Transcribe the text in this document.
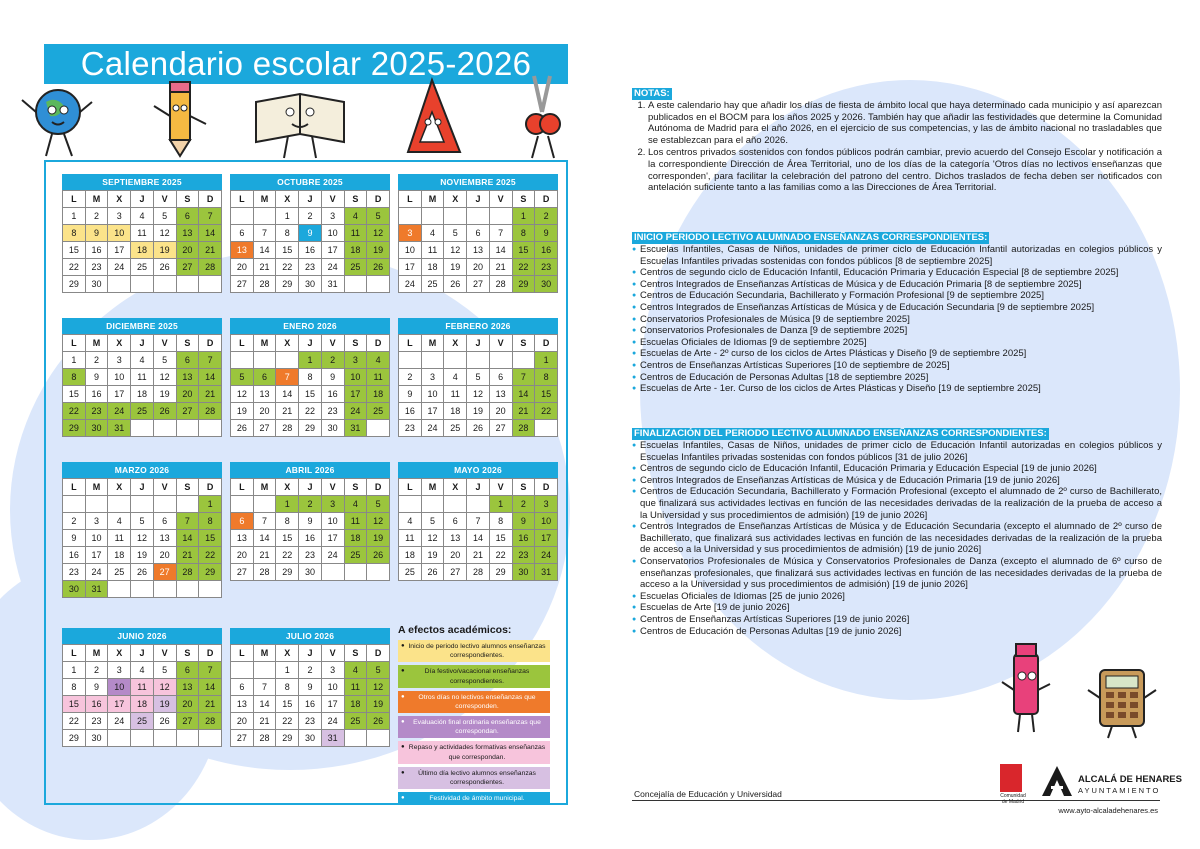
Calendario escolar 2025-2026
SEPTIEMBRE 2025
L	M	X	J	V	S	D
1	2	3	4	5	6	7
8	9	10	11	12	13	14
15	16	17	18	19	20	21
22	23	24	25	26	27	28
29	30					
OCTUBRE 2025
L	M	X	J	V	S	D
		1	2	3	4	5
6	7	8	9	10	11	12
13	14	15	16	17	18	19
20	21	22	23	24	25	26
27	28	29	30	31		
NOVIEMBRE 2025
L	M	X	J	V	S	D
					1	2
3	4	5	6	7	8	9
10	11	12	13	14	15	16
17	18	19	20	21	22	23
24	25	26	27	28	29	30
DICIEMBRE 2025
L	M	X	J	V	S	D
1	2	3	4	5	6	7
8	9	10	11	12	13	14
15	16	17	18	19	20	21
22	23	24	25	26	27	28
29	30	31				
ENERO 2026
L	M	X	J	V	S	D
			1	2	3	4
5	6	7	8	9	10	11
12	13	14	15	16	17	18
19	20	21	22	23	24	25
26	27	28	29	30	31	
FEBRERO 2026
L	M	X	J	V	S	D
						1
2	3	4	5	6	7	8
9	10	11	12	13	14	15
16	17	18	19	20	21	22
23	24	25	26	27	28	
MARZO 2026
L	M	X	J	V	S	D
						1
2	3	4	5	6	7	8
9	10	11	12	13	14	15
16	17	18	19	20	21	22
23	24	25	26	27	28	29
30	31					
ABRIL 2026
L	M	X	J	V	S	D
		1	2	3	4	5
6	7	8	9	10	11	12
13	14	15	16	17	18	19
20	21	22	23	24	25	26
27	28	29	30			
MAYO 2026
L	M	X	J	V	S	D
				1	2	3
4	5	6	7	8	9	10
11	12	13	14	15	16	17
18	19	20	21	22	23	24
25	26	27	28	29	30	31
JUNIO 2026
L	M	X	J	V	S	D
1	2	3	4	5	6	7
8	9	10	11	12	13	14
15	16	17	18	19	20	21
22	23	24	25	26	27	28
29	30					
JULIO 2026
L	M	X	J	V	S	D
		1	2	3	4	5
6	7	8	9	10	11	12
13	14	15	16	17	18	19
20	21	22	23	24	25	26
27	28	29	30	31		
A efectos académicos:
● Inicio de periodo lectivo alumnos enseñanzas correspondientes.
● Día festivo/vacacional enseñanzas correspondientes.
● Otros días no lectivos enseñanzas que corresponden.
● Evaluación final ordinaria enseñanzas que correspondan.
● Repaso y actividades formativas enseñanzas que correspondan.
● Último día lectivo alumnos enseñanzas correspondientes.
● Festividad de ámbito municipal.
NOTAS:
1. A este calendario hay que añadir los días de fiesta de ámbito local que haya determinado cada municipio y así aparezcan publicados en el BOCM para los años 2025 y 2026. También hay que añadir las festividades que determine la Comunidad Autónoma de Madrid para el año 2026, en el ejercicio de sus competencias, y las de ámbito nacional no trasladables que se establezcan para el año 2026.
2. Los centros privados sostenidos con fondos públicos podrán cambiar, previo acuerdo del Consejo Escolar y notificación a la correspondiente Dirección de Área Territorial, uno de los días de la categoría 'Otros días no lectivos enseñanzas que corresponden', para facilitar la celebración del patrono del centro. Dichos traslados de fecha deben ser notificados con antelación suficiente tanto a las familias como a las Direcciones de Área Territorial.
INICIO PERIODO LECTIVO ALUMNADO ENSEÑANZAS CORRESPONDIENTES:
● Escuelas Infantiles, Casas de Niños, unidades de primer ciclo de Educación Infantil autorizadas en colegios públicos y Escuelas Infantiles privadas sostenidas con fondos públicos [8 de septiembre 2025]
● Centros de segundo ciclo de Educación Infantil, Educación Primaria y Educación Especial [8 de septiembre 2025]
● Centros Integrados de Enseñanzas Artísticas de Música y de Educación Primaria [8 de septiembre 2025]
● Centros de Educación Secundaria, Bachillerato y Formación Profesional [9 de septiembre 2025]
● Centros Integrados de Enseñanzas Artísticas de Música y de Educación Secundaria [9 de septiembre 2025]
● Conservatorios Profesionales de Música [9 de septiembre 2025]
● Conservatorios Profesionales de Danza [9 de septiembre 2025]
● Escuelas Oficiales de Idiomas [9 de septiembre 2025]
● Escuelas de Arte - 2º curso de los ciclos de Artes Plásticas y Diseño [9 de septiembre 2025]
● Centros de Enseñanzas Artísticas Superiores [10 de septiembre de 2025]
● Centros de Educación de Personas Adultas [18 de septiembre 2025]
● Escuelas de Arte - 1er. Curso de los ciclos de Artes Plásticas y Diseño [19 de septiembre 2025]
FINALIZACIÓN DEL PERIODO LECTIVO ALUMNADO ENSEÑANZAS CORRESPONDIENTES:
● Escuelas Infantiles, Casas de Niños, unidades de primer ciclo de Educación Infantil autorizadas en colegios públicos y Escuelas Infantiles privadas sostenidas con fondos públicos [31 de julio 2026]
● Centros de segundo ciclo de Educación Infantil, Educación Primaria y Educación Especial [19 de junio 2026]
● Centros Integrados de Enseñanzas Artísticas de Música y de Educación Primaria [19 de junio 2026]
● Centros de Educación Secundaria, Bachillerato y Formación Profesional (excepto el alumnado de 2º curso de Bachillerato, que finalizará sus actividades lectivas en función de las necesidades derivadas de la realización de la prueba de acceso a la Universidad y sus procedimientos de admisión) [19 de junio 2026]
● Centros Integrados de Enseñanzas Artísticas de Música y de Educación Secundaria (excepto el alumnado de 2º curso de Bachillerato, que finalizará sus actividades lectivas en función de las necesidades derivadas de la realización de la prueba de acceso a la Universidad y sus procedimientos de admisión) [19 de junio 2026]
● Conservatorios Profesionales de Música y Conservatorios Profesionales de Danza (excepto el alumnado de 6º curso de enseñanzas profesionales, que finalizará sus actividades lectivas en función de las necesidades derivadas de la prueba de acceso a la Universidad y sus procedimientos de admisión) [19 de junio 2026]
● Escuelas Oficiales de Idiomas [25 de junio 2026]
● Escuelas de Arte [19 de junio 2026]
● Centros de Enseñanzas Artísticas Superiores [19 de junio 2026]
● Centros de Educación de Personas Adultas [19 de junio 2026]
Concejalía de Educación y Universidad	Comunidad de Madrid
ALCALÁ DE HENARES
AYUNTAMIENTO
www.ayto-alcaladehenares.es
